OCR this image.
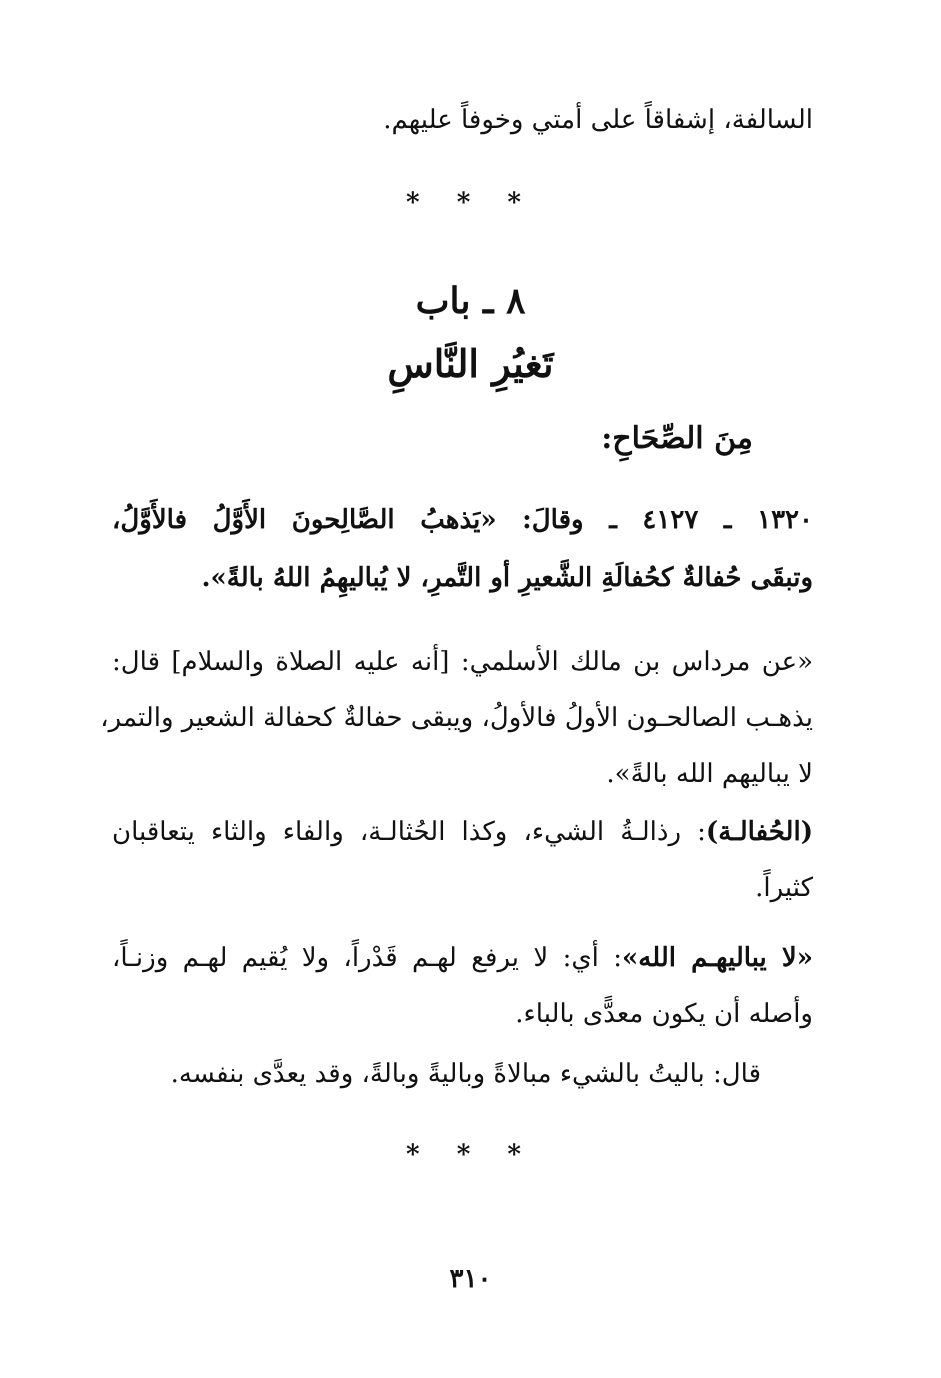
السالفة، إشفاقاً على أمتي وخوفاً عليهم.
* * *
٨ ـ باب
تَغيُرِ النَّاسِ
مِنَ الصِّحَاحِ:
١٣٢٠ ـ ٤١٢٧ ـ وقالَ: «يَذهبُ الصَّالِحونَ الأَوَّلُ فالأَوَّلُ،
وتبقَى حُفالةٌ كحُفالَةِ الشَّعيرِ أو التَّمرِ، لا يُباليهِمُ اللهُ بالةً».
«عن مرداس بن مالك الأسلمي: [أنه عليه الصلاة والسلام] قال:
يذهـب الصالحـون الأولُ فالأولُ، ويبقى حفالةٌ كحفالة الشعير والتمر،
لا يباليهم الله بالةً».
(الحُفالـة): رذالـةُ الشيء، وكذا الحُثالـة، والفاء والثاء يتعاقبان
كثيراً.
«لا يباليهـم الله»: أي: لا يرفع لهـم قَدْراً، ولا يُقيم لهـم وزنـاً،
وأصله أن يكون معدًّى بالباء.
قال: باليتُ بالشيء مبالاةً وباليةً وبالةً، وقد يعدَّى بنفسه.
* * *
٣١٠
